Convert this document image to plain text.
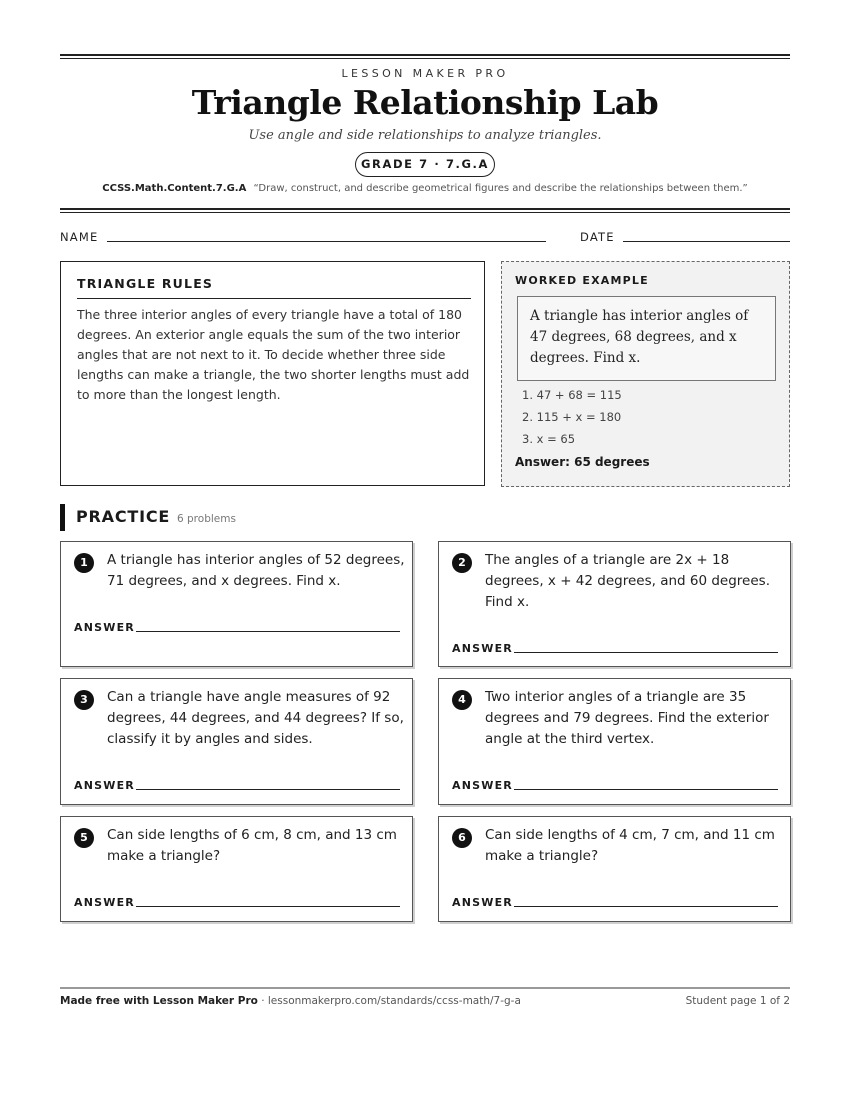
LESSON MAKER PRO
Triangle Relationship Lab
Use angle and side relationships to analyze triangles.
GRADE 7 · 7.G.A
CCSS.Math.Content.7.G.A “Draw, construct, and describe geometrical figures and describe the relationships between them.”
NAME	DATE
TRIANGLE RULES
The three interior angles of every triangle have a total of 180 degrees. An exterior angle equals the sum of the two interior angles that are not next to it. To decide whether three side lengths can make a triangle, the two shorter lengths must add to more than the longest length.
WORKED EXAMPLE
A triangle has interior angles of 47 degrees, 68 degrees, and x degrees. Find x.
1. 47 + 68 = 115
2. 115 + x = 180
3. x = 65
Answer: 65 degrees
PRACTICE 6 problems
1	A triangle has interior angles of 52 degrees, 71 degrees, and x degrees. Find x.
ANSWER
2	The angles of a triangle are 2x + 18 degrees, x + 42 degrees, and 60 degrees. Find x.
ANSWER
3	Can a triangle have angle measures of 92 degrees, 44 degrees, and 44 degrees? If so, classify it by angles and sides.
ANSWER
4	Two interior angles of a triangle are 35 degrees and 79 degrees. Find the exterior angle at the third vertex.
ANSWER
5	Can side lengths of 6 cm, 8 cm, and 13 cm make a triangle?
ANSWER
6	Can side lengths of 4 cm, 7 cm, and 11 cm make a triangle?
ANSWER
Made free with Lesson Maker Pro · lessonmakerpro.com/standards/ccss-math/7-g-a	Student page 1 of 2
